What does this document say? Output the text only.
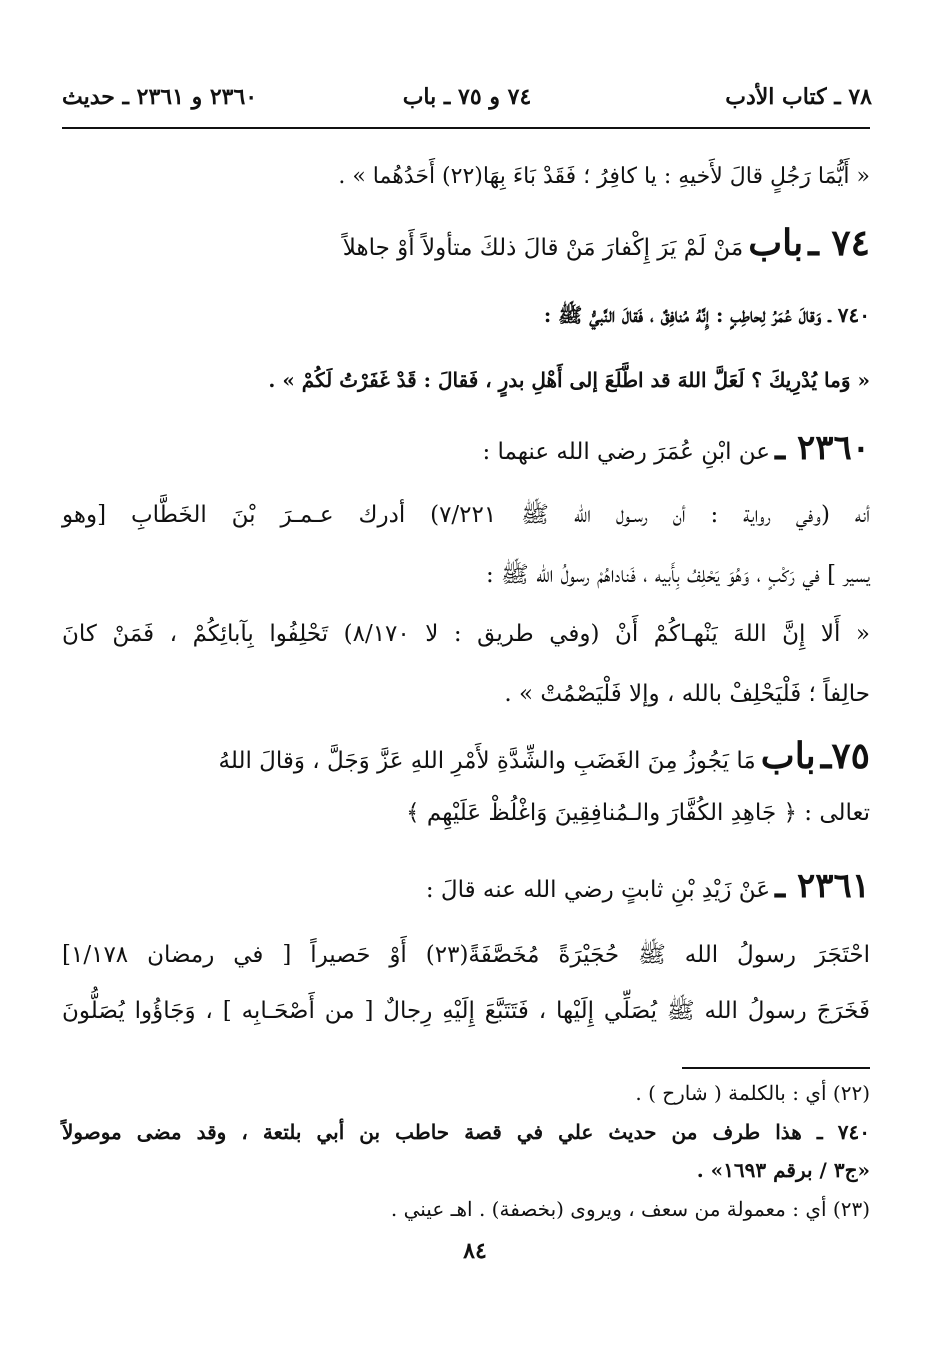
٧٨ ـ كتاب الأدب
٧٤ و ٧٥ ـ باب
٢٣٦٠ و ٢٣٦١ ـ حديث
« أَيُّمَا رَجُلٍ قالَ لأَخيهِ : يا كافِرُ ؛ فَقَدْ بَاءَ بِهَا(٢٢) أَحَدُهُما » .
٧٤ ـ باب مَنْ لَمْ يَرَ إِكْفارَ مَنْ قالَ ذلكَ متأولاً أَوْ جاهلاً
٧٤٠ ـ وَقالَ عُمَرُ لِحاطِبٍ : إِنَّهُ مُنافِقٌ ، فَقالَ النَّبيُّ ﷺ :
« وَما يُدْرِيكَ ؟ لَعَلَّ اللهَ قد اطَّلَعَ إلى أَهْلِ بدرٍ ، فَقالَ : قَدْ غَفَرْتُ لَكُمْ » .
٢٣٦٠ ـ عن ابْنِ عُمَرَ رضي الله عنهما :
أنه (وفي رواية : أن رسـول الله ﷺ ٧/٢٢١) أدرك عـمـرَ بْنَ الخَطَّابِ [وهو
يسير ] في رَكْبٍ ، وَهُوَ يَحْلِفُ بِأَبيه ، فَناداهُمْ رسولُ الله ﷺ :
« أَلا إِنَّ اللهَ يَنْهـاكُمْ أَنْ (وفي طريق : لا ٨/١٧٠) تَحْلِفُوا بِآبائِكُمْ ، فَمَنْ كانَ
حالِفاً ؛ فَلْيَحْلِفْ بالله ، وإلا فَلْيَصْمُتْ » .
٧٥ـ باب مَا يَجُوزُ مِنَ الغَضَبِ والشِّدَّةِ لأَمْرِ اللهِ عَزَّ وَجَلَّ ، وَقالَ اللهُ
تعالى : ﴿ جَاهِدِ الكُفَّارَ والـمُنافِقِينَ وَاغْلُظْ عَلَيْهِم ﴾
٢٣٦١ ـ عَنْ زَيْدِ بْنِ ثابتٍ رضي الله عنه قالَ :
احْتَجَرَ رسولُ الله ﷺ حُجَيْرَةً مُخَصَّفَةً(٢٣) أَوْ حَصيراً [ في رمضان ١/١٧٨]
فَخَرَجَ رسولُ الله ﷺ يُصَلِّي إِلَيْها ، فَتَتَبَّعَ إِلَيْهِ رِجالٌ [ من أَصْحَـابِه ] ، وَجَاؤُوا يُصَلُّونَ
(٢٢) أي : بالكلمة ( شارح ) .
٧٤٠ ـ هذا طرف من حديث علي في قصة حاطب بن أبي بلتعة ، وقد مضى موصولاً
«ج٣ / برقم ١٦٩٣» .
(٢٣) أي : معمولة من سعف ، ويروى (بخصفة) . اهـ عيني .
٨٤
